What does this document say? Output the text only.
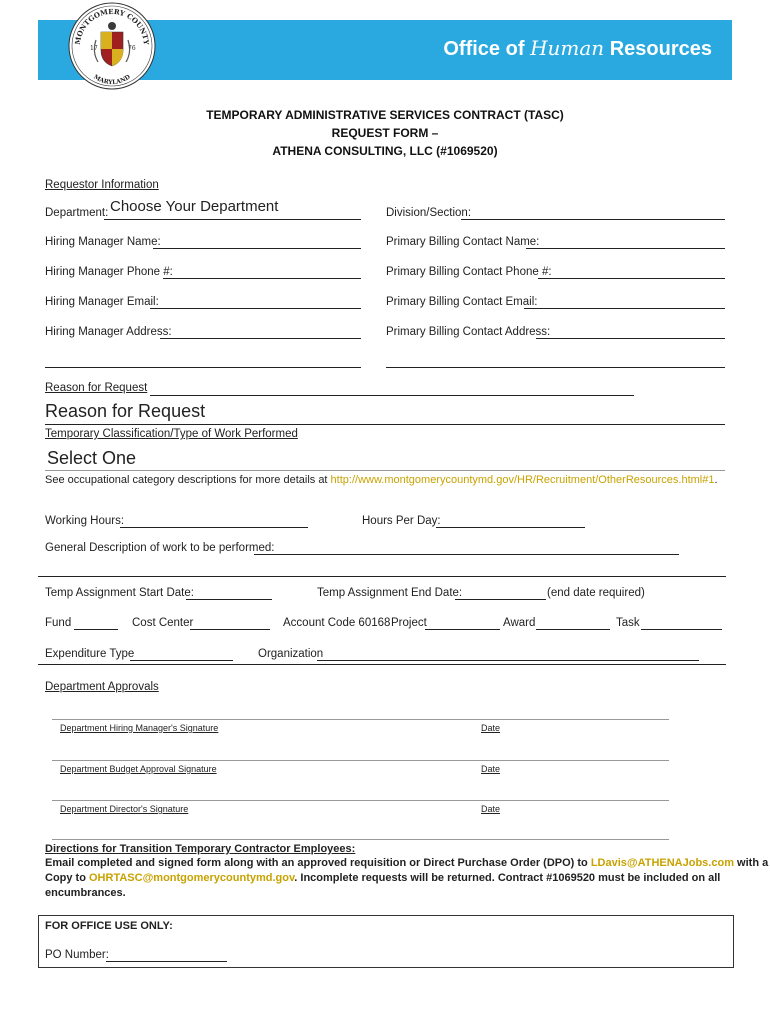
Office of Human Resources
MONTGOMERY COUNTY
MARYLAND
17	76
TEMPORARY ADMINISTRATIVE SERVICES CONTRACT (TASC)
REQUEST FORM –
ATHENA CONSULTING, LLC (#1069520)
Requestor Information
Department: Choose Your Department	Division/Section:
Hiring Manager Name:	Primary Billing Contact Name:
Hiring Manager Phone #:	Primary Billing Contact Phone #:
Hiring Manager Email:	Primary Billing Contact Email:
Hiring Manager Address:	Primary Billing Contact Address:
Reason for Request
Reason for Request
Temporary Classification/Type of Work Performed
Select One
See occupational category descriptions for more details at http://www.montgomerycountymd.gov/HR/Recruitment/OtherResources.html#1.
Working Hours:	Hours Per Day:
General Description of work to be performed:
Temp Assignment Start Date:	Temp Assignment End Date:	(end date required)
Fund	Cost Center	Account Code 60168 Project	Award	Task
Expenditure Type	Organization
Department Approvals
Department Hiring Manager's Signature	Date
Department Budget Approval Signature	Date
Department Director's Signature	Date
Directions for Transition Temporary Contractor Employees:
Email completed and signed form along with an approved requisition or Direct Purchase Order (DPO) to LDavis@ATHENAJobs.com with a
Copy to OHRTASC@montgomerycountymd.gov. Incomplete requests will be returned. Contract #1069520 must be included on all
encumbrances.
FOR OFFICE USE ONLY:
PO Number:
